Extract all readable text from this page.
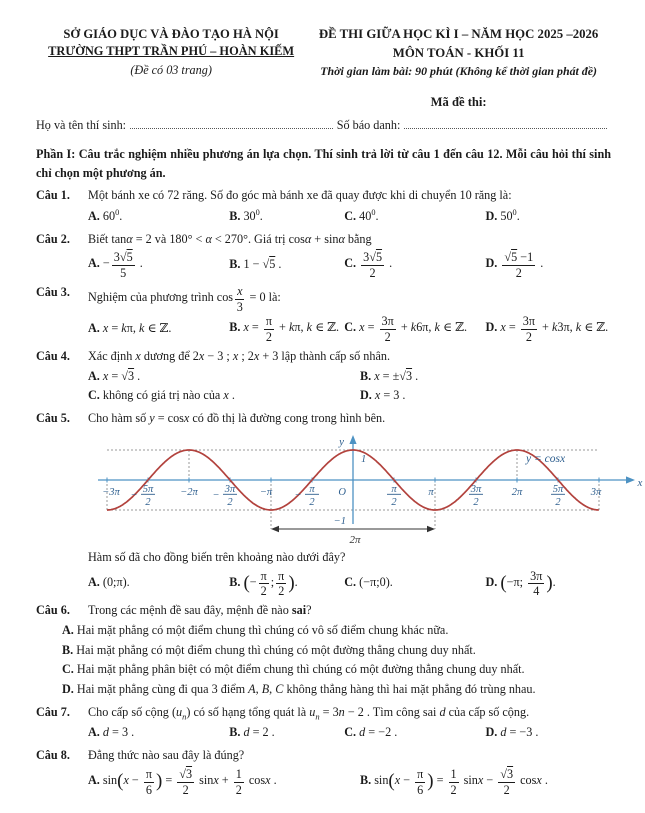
SỞ GIÁO DỤC VÀ ĐÀO TẠO HÀ NỘI
TRƯỜNG THPT TRẦN PHÚ – HOÀN KIẾM
(Đề có 03 trang)
ĐỀ THI GIỮA HỌC KÌ I – NĂM HỌC 2025 –2026
MÔN TOÁN - KHỐI 11
Thời gian làm bài: 90 phút (Không kể thời gian phát đề)
Mã đề thi:
Họ và tên thí sinh:	Số báo danh:
Phần I: Câu trắc nghiệm nhiều phương án lựa chọn. Thí sinh trả lời từ câu 1 đến câu 12. Mỗi câu hỏi thí sinh chỉ chọn một phương án.
Câu 1. Một bánh xe có 72 răng. Số đo góc mà bánh xe đã quay được khi di chuyển 10 răng là:
A. $60^0$.	B. $30^0$.	C. $40^0$.	D. $50^0$.
Câu 2. Biết tanα = 2 và 180° < α < 270°. Giá trị cosα + sinα bằng
A. − $\frac{3√5}{5}$ .	B. 1 − √5 .	C. $\frac{3√5}{2}$ .	D. $\frac{√5 -1}{2}$ .
Câu 3. Nghiệm của phương trình $\cos \frac{x}{3} = 0$ là:
A. x = kπ, k ∈ ℤ.	B. $x = \frac{\pi}{2} + k\pi$, k ∈ ℤ. C. $x = \frac{3\pi}{2} + k6\pi$, k ∈ ℤ.	D. $x = \frac{3\pi}{2} + k3\pi$, k ∈ ℤ.
Câu 4. Xác định x dương để 2x − 3 ; x ; 2x + 3 lập thành cấp số nhân.
A. x = √3 .	B. x = ±√3 .
C. không có giá trị nào của x .	D. x = 3 .
Câu 5. Cho hàm số y = cosx có đồ thị là đường cong trong hình bên.
−3π −
5π
2
−2π −
3π
2
−π −
π
2
π
2
π	3π
2
2π	5π
2
3π
O
1
−1
y
x
y = cosx
2π
Hàm số đã cho đồng biến trên khoảng nào dưới đây?
A. (0;π).	B. (− $\frac{\pi}{2}$ ; $\frac{\pi}{2}$ ).	C. (−π;0).	D. (−π; $\frac{3\pi}{4}$ ).
Câu 6. Trong các mệnh đề sau đây, mệnh đề nào sai?
A. Hai mặt phẳng có một điểm chung thì chúng có vô số điểm chung khác nữa.
B. Hai mặt phẳng có một điểm chung thì chúng có một đường thẳng chung duy nhất.
C. Hai mặt phẳng phân biệt có một điểm chung thì chúng có một đường thẳng chung duy nhất.
D. Hai mặt phẳng cùng đi qua 3 điểm A, B, C không thẳng hàng thì hai mặt phẳng đó trùng nhau.
Câu 7. Cho cấp số cộng $(u_n)$ có số hạng tổng quát là $u_n = 3n - 2$ . Tìm công sai d của cấp số cộng.
A. d = 3 .	B. d = 2 .	C. d = −2 .	D. d = −3 .
Câu 8. Đẳng thức nào sau đây là đúng?
A. $\sin(x - \frac{\pi}{6}$ ) = $\frac{√3}{2}$ $\sin x + \frac{1}{2}$ cosx .	B. $\sin(x - \frac{\pi}{6}$ ) = $\frac{1}{2}$ $\sin x - \frac{√3}{2}$ cosx .
